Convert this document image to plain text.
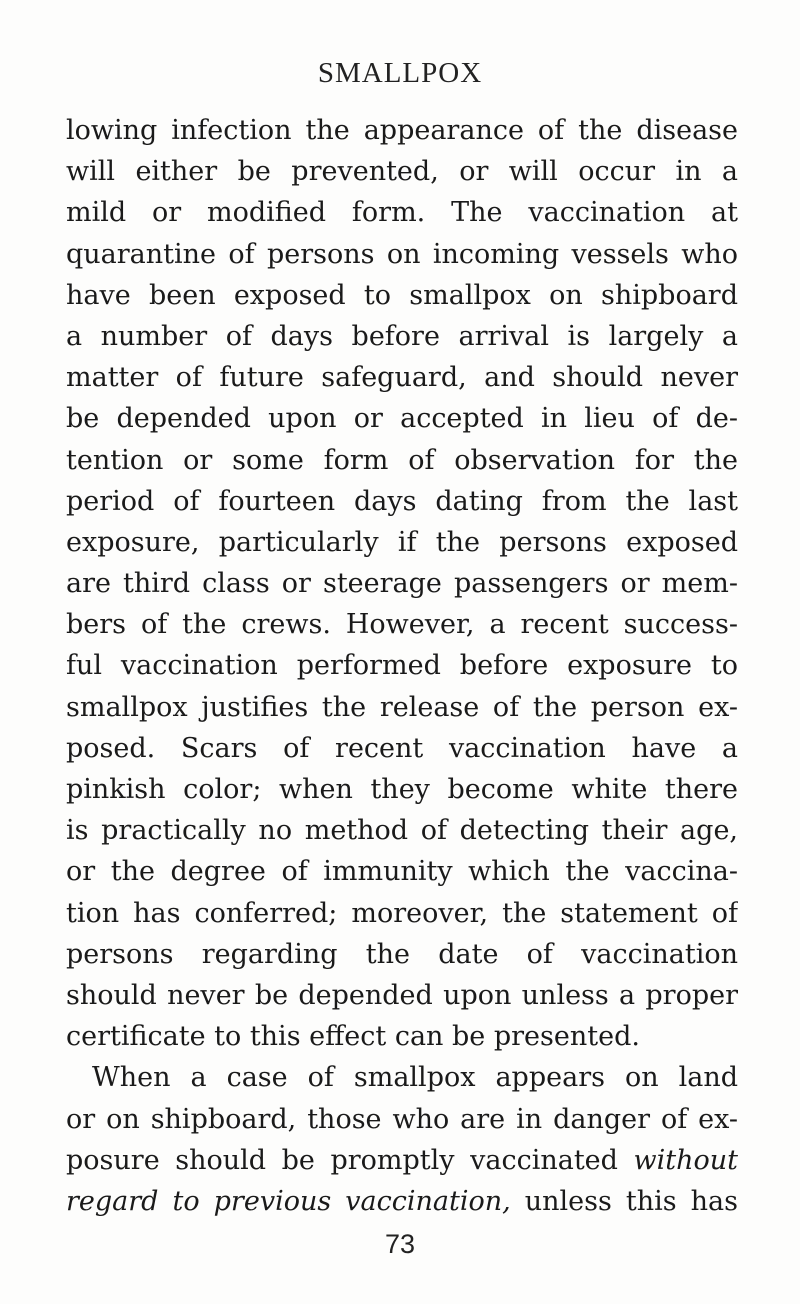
SMALLPOX
lowing infection the appearance of the disease
will either be prevented, or will occur in a
mild or modified form. The vaccination at
quarantine of persons on incoming vessels who
have been exposed to smallpox on shipboard
a number of days before arrival is largely a
matter of future safeguard, and should never
be depended upon or accepted in lieu of de-
tention or some form of observation for the
period of fourteen days dating from the last
exposure, particularly if the persons exposed
are third class or steerage passengers or mem-
bers of the crews. However, a recent success-
ful vaccination performed before exposure to
smallpox justifies the release of the person ex-
posed. Scars of recent vaccination have a
pinkish color; when they become white there
is practically no method of detecting their age,
or the degree of immunity which the vaccina-
tion has conferred; moreover, the statement of
persons regarding the date of vaccination
should never be depended upon unless a proper
certificate to this effect can be presented.
When a case of smallpox appears on land
or on shipboard, those who are in danger of ex-
posure should be promptly vaccinated without
regard to previous vaccination, unless this has
73
